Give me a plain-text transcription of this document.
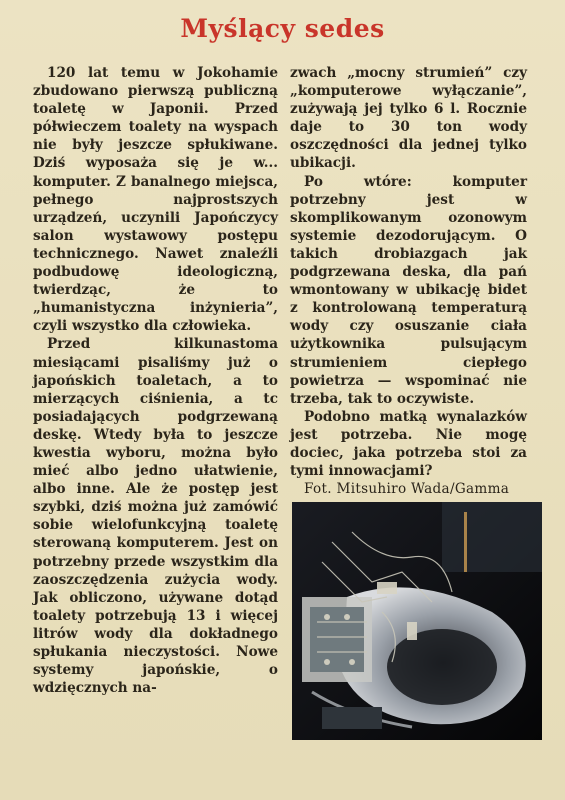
Myślący sedes

120 lat temu w Jokohamie zbudowano pierwszą publiczną toaletę w Japonii. Przed półwieczem toalety na wyspach nie były jeszcze spłukiwane. Dziś wyposaża się je w... komputer. Z banalnego miejsca, pełnego najprostszych urządzeń, uczynili Japończycy salon wystawowy postępu technicznego. Nawet znaleźli podbudowę ideologiczną, twierdząc, że to „humanistyczna inżynieria”, czyli wszystko dla człowieka.

Przed kilkunastoma miesiącami pisaliśmy już o japońskich toaletach, a to mierzących ciśnienia, a tc posiadających podgrzewaną deskę. Wtedy była to jeszcze kwestia wyboru, można było mieć albo jedno ułatwienie, albo inne. Ale że postęp jest szybki, dziś można już zamówić sobie wielofunkcyjną toaletę sterowaną komputerem. Jest on potrzebny przede wszystkim dla zaoszczędzenia zużycia wody. Jak obliczono, używane dotąd toalety potrzebują 13 i więcej litrów wody dla dokładnego spłukania nieczystości. Nowe systemy japońskie, o wdzięcznych na-

zwach „mocny strumień” czy „komputerowe wyłączanie”, zużywają jej tylko 6 l. Rocznie daje to 30 ton wody oszczędności dla jednej tylko ubikacji.

Po wtóre: komputer potrzebny jest w skomplikowanym ozonowym systemie dezodorującym. O takich drobiazgach jak podgrzewana deska, dla pań wmontowany w ubikację bidet z kontrolowaną temperaturą wody czy osuszanie ciała użytkownika pulsującym strumieniem ciepłego powietrza — wspominać nie trzeba, tak to oczywiste.

Podobno matką wynalazków jest potrzeba. Nie mogę dociec, jaka potrzeba stoi za tymi innowacjami?

Fot. Mitsuhiro Wada/Gamma
